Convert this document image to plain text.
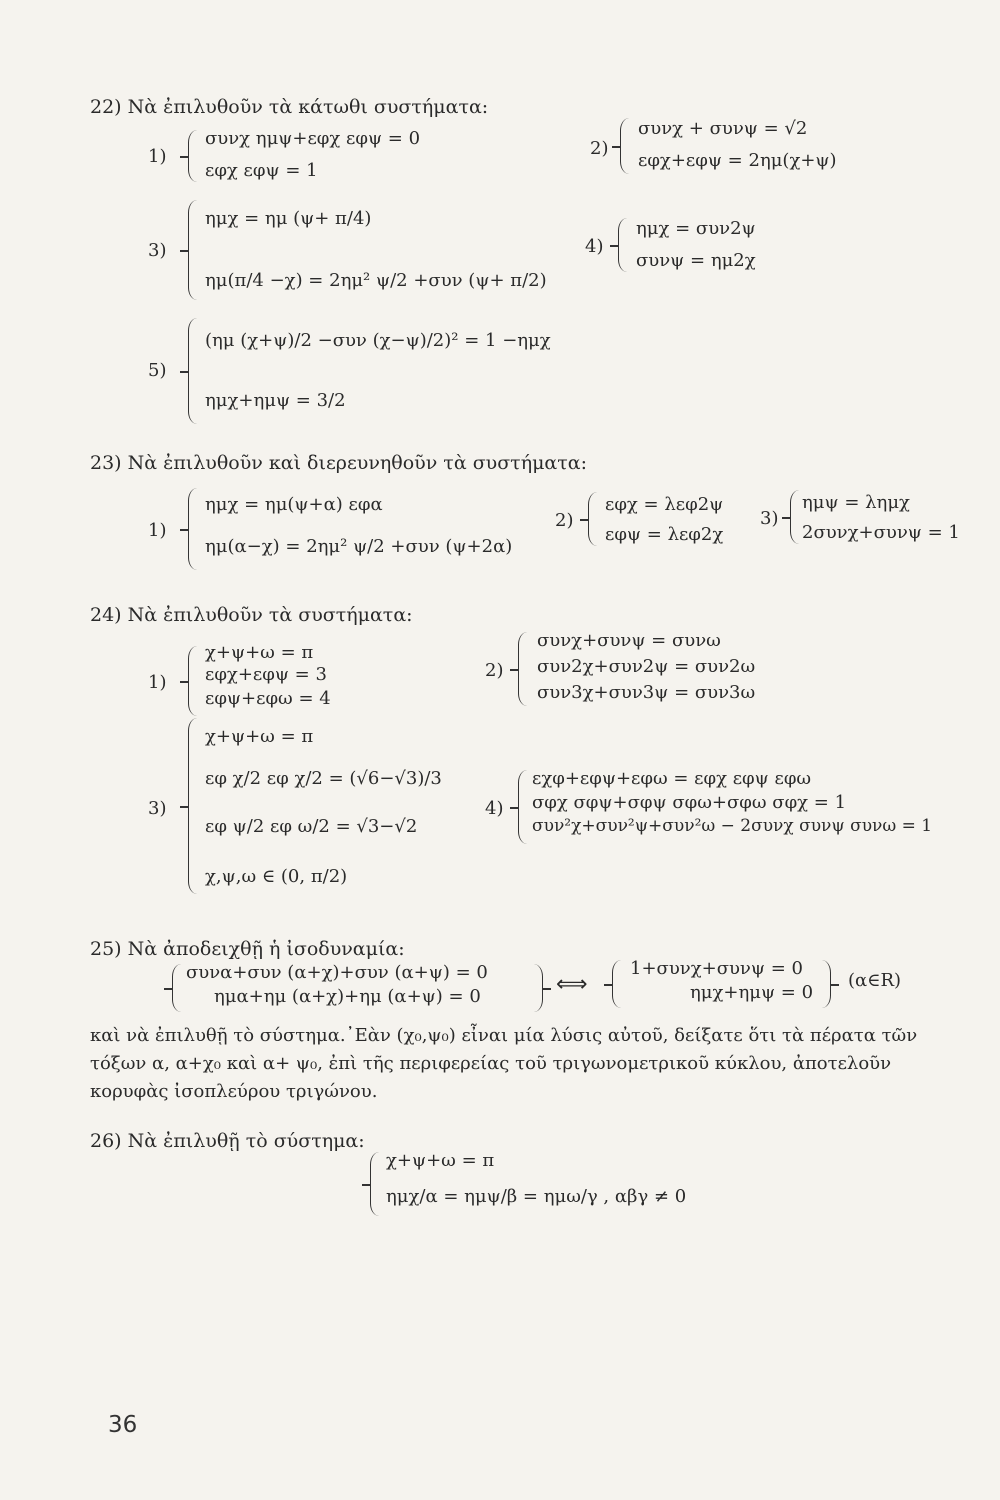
22) Νὰ ἐπιλυθοῦν τὰ κάτωθι συστήματα:
1)
συνχ ημψ+εφχ εφψ = 0
εφχ εφψ = 1
2)
συνχ + συνψ = √2
εφχ+εφψ = 2ημ(χ+ψ)
3)
ημχ = ημ (ψ+ π/4)
ημ(π/4 −χ) = 2ημ² ψ/2 +συν (ψ+ π/2)
4)
ημχ = συν2ψ
συνψ = ημ2χ
5)
(ημ (χ+ψ)/2 −συν (χ−ψ)/2)² = 1 −ημχ
ημχ+ημψ = 3/2
23) Νὰ ἐπιλυθοῦν καὶ διερευνηθοῦν τὰ συστήματα:
1)
ημχ = ημ(ψ+α) εφα
ημ(α−χ) = 2ημ² ψ/2 +συν (ψ+2α)
2)
εφχ = λεφ2ψ
εφψ = λεφ2χ
3)
ημψ = λημχ
2συνχ+συνψ = 1
24) Νὰ ἐπιλυθοῦν τὰ συστήματα:
1)
χ+ψ+ω = π
εφχ+εφψ = 3
εφψ+εφω = 4
2)
συνχ+συνψ = συνω
συν2χ+συν2ψ = συν2ω
συν3χ+συν3ψ = συν3ω
3)
χ+ψ+ω = π
εφ χ/2 εφ χ/2 = (√6−√3)/3
εφ ψ/2 εφ ω/2 = √3−√2
χ,ψ,ω ∈ (0, π/2)
4)
εχφ+εφψ+εφω = εφχ εφψ εφω
σφχ σφψ+σφψ σφω+σφω σφχ = 1
συν²χ+συν²ψ+συν²ω − 2συνχ συνψ συνω = 1
25) Νὰ ἀποδειχθῇ ἡ ἰσοδυναμία:
συνα+συν (α+χ)+συν (α+ψ) = 0
ημα+ημ (α+χ)+ημ (α+ψ) = 0	⟺
1+συνχ+συνψ = 0
ημχ+ημψ = 0
(α∈R)
καὶ νὰ ἐπιλυθῇ τὸ σύστημα.᾿Εὰν (χ₀,ψ₀) εἶναι μία λύσις αὐτοῦ, δείξατε ὅτι τὰ πέρατα τῶν τόξων α, α+χ₀ καὶ α+ ψ₀, ἐπὶ τῆς περιφερείας τοῦ τριγωνομετρικοῦ κύκλου, ἀποτελοῦν κορυφὰς ἰσοπλεύρου τριγώνου.
26) Νὰ ἐπιλυθῇ τὸ σύστημα:
χ+ψ+ω = π
ημχ/α = ημψ/β = ημω/γ , αβγ ≠ 0
36
